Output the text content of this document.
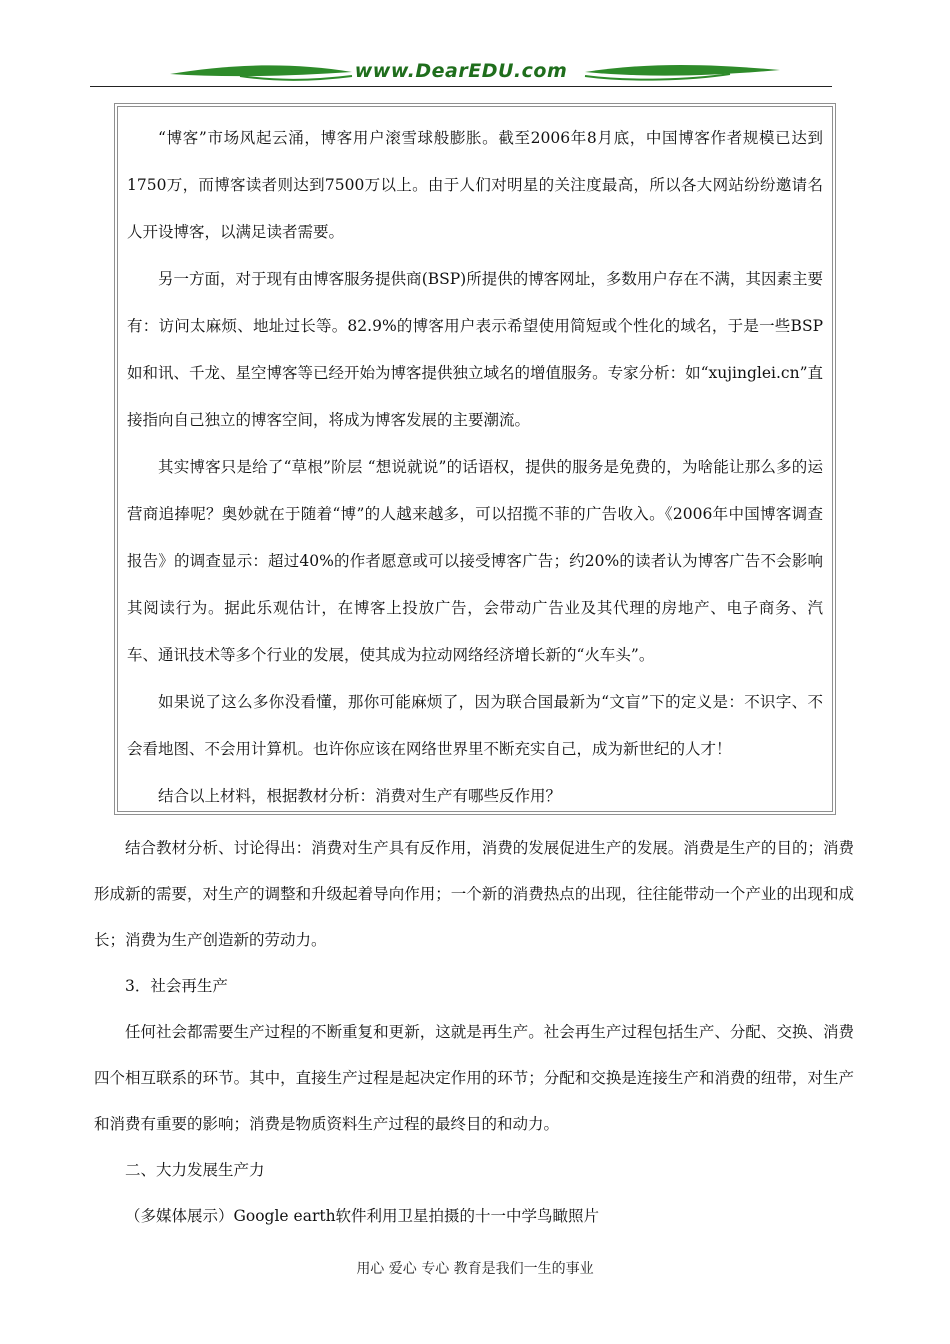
www.DearEDU.com

“博客”市场风起云涌，博客用户滚雪球般膨胀。截至2006年8月底，中国博客作者规模已达到1750万，而博客读者则达到7500万以上。由于人们对明星的关注度最高，所以各大网站纷纷邀请名人开设博客，以满足读者需要。

另一方面，对于现有由博客服务提供商(BSP)所提供的博客网址，多数用户存在不满，其因素主要有：访问太麻烦、地址过长等。82.9%的博客用户表示希望使用简短或个性化的域名，于是一些BSP如和讯、千龙、星空博客等已经开始为博客提供独立域名的增值服务。专家分析：如“xujinglei.cn”直接指向自己独立的博客空间，将成为博客发展的主要潮流。

其实博客只是给了“草根”阶层 “想说就说”的话语权，提供的服务是免费的，为啥能让那么多的运营商追捧呢？奥妙就在于随着“博”的人越来越多，可以招揽不菲的广告收入。《2006年中国博客调查报告》的调查显示：超过40%的作者愿意或可以接受博客广告；约20%的读者认为博客广告不会影响其阅读行为。据此乐观估计，在博客上投放广告，会带动广告业及其代理的房地产、电子商务、汽车、通讯技术等多个行业的发展，使其成为拉动网络经济增长新的“火车头”。

如果说了这么多你没看懂，那你可能麻烦了，因为联合国最新为“文盲”下的定义是：不识字、不会看地图、不会用计算机。也许你应该在网络世界里不断充实自己，成为新世纪的人才！

结合以上材料，根据教材分析：消费对生产有哪些反作用？

结合教材分析、讨论得出：消费对生产具有反作用，消费的发展促进生产的发展。消费是生产的目的；消费形成新的需要，对生产的调整和升级起着导向作用；一个新的消费热点的出现，往往能带动一个产业的出现和成长；消费为生产创造新的劳动力。

3．社会再生产

任何社会都需要生产过程的不断重复和更新，这就是再生产。社会再生产过程包括生产、分配、交换、消费四个相互联系的环节。其中，直接生产过程是起决定作用的环节；分配和交换是连接生产和消费的纽带，对生产和消费有重要的影响；消费是物质资料生产过程的最终目的和动力。

二、大力发展生产力

（多媒体展示）Google earth软件利用卫星拍摄的十一中学鸟瞰照片

用心 爱心 专心 教育是我们一生的事业
